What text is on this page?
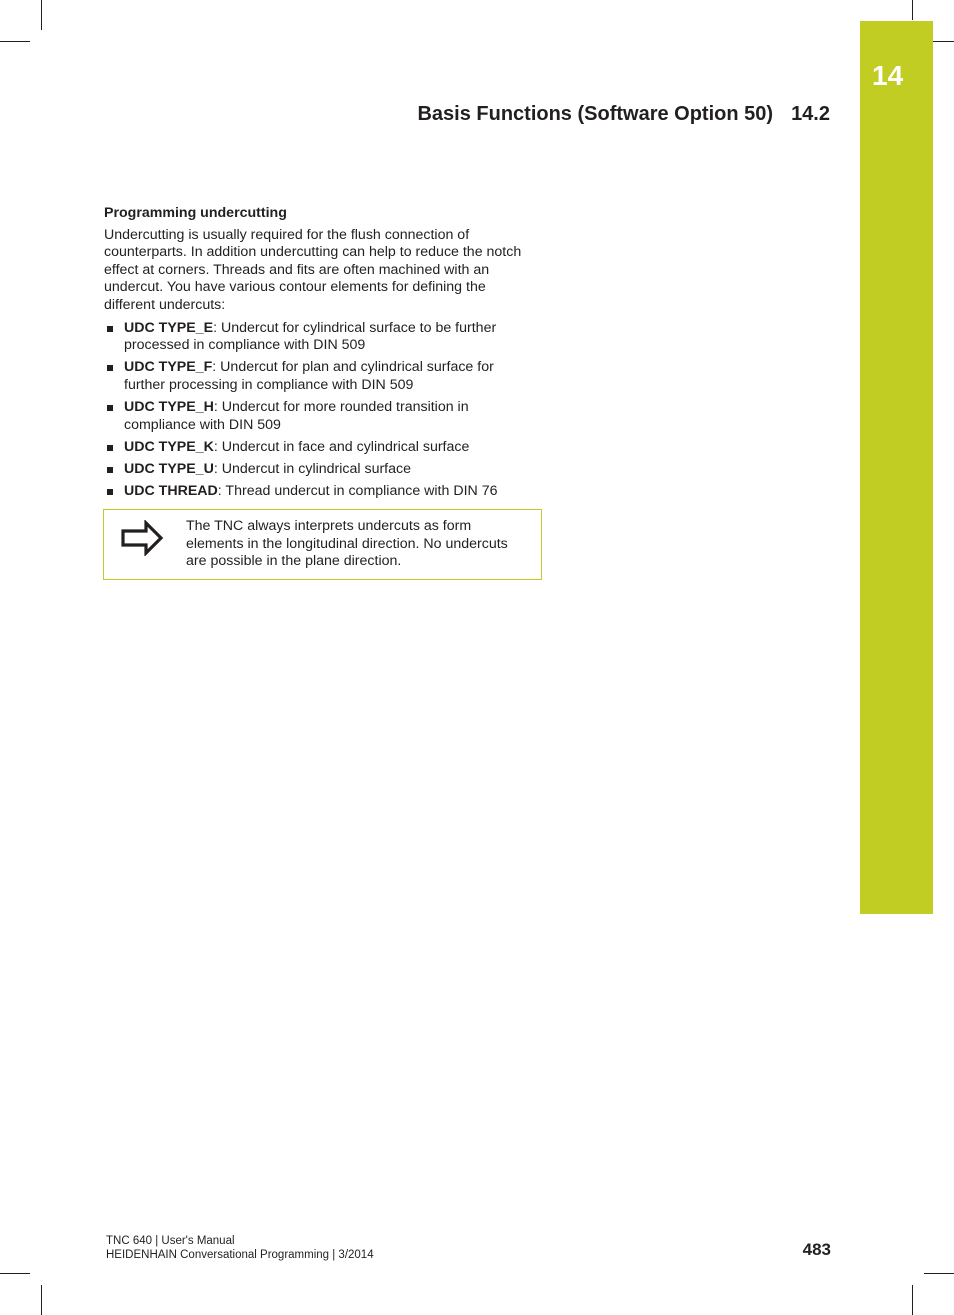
14
Basis Functions (Software Option 50) 14.2
Programming undercutting
Undercutting is usually required for the flush connection of counterparts. In addition undercutting can help to reduce the notch effect at corners. Threads and fits are often machined with an undercut. You have various contour elements for defining the different undercuts:
UDC TYPE_E: Undercut for cylindrical surface to be further processed in compliance with DIN 509
UDC TYPE_F: Undercut for plan and cylindrical surface for further processing in compliance with DIN 509
UDC TYPE_H: Undercut for more rounded transition in compliance with DIN 509
UDC TYPE_K: Undercut in face and cylindrical surface
UDC TYPE_U: Undercut in cylindrical surface
UDC THREAD: Thread undercut in compliance with DIN 76
The TNC always interprets undercuts as form elements in the longitudinal direction. No undercuts are possible in the plane direction.
TNC 640 | User's Manual
HEIDENHAIN Conversational Programming | 3/2014	483
